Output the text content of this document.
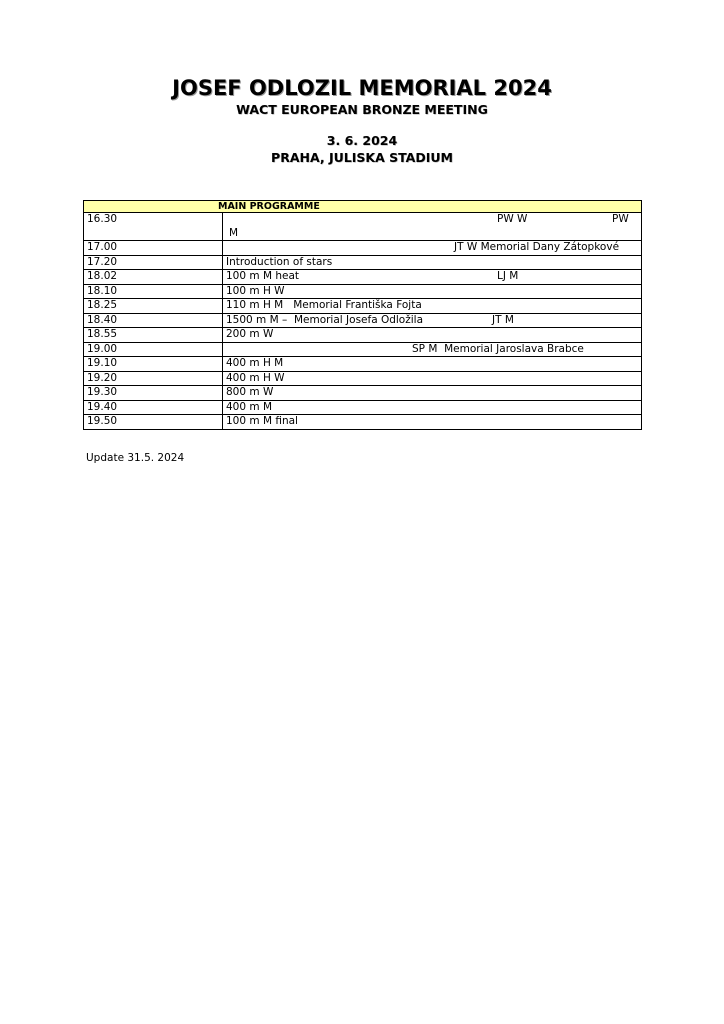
JOSEF ODLOZIL MEMORIAL 2024
WACT EUROPEAN BRONZE MEETING
3. 6. 2024
PRAHA, JULISKA STADIUM
MAIN PROGRAMME	
16.30	PW W PW
M

17.00	JT W Memorial Dany Zátopkové

17.20	Introduction of stars
18.02	100 m M heat LJ M

18.10	100 m H W
18.25	110 m H M   Memorial Františka Fojta
18.40	1500 m M –  Memorial Josefa Odložila JT M

18.55	200 m W
19.00	SP M  Memorial Jaroslava Brabce

19.10	400 m H M
19.20	400 m H W
19.30	800 m W
19.40	400 m M
19.50	100 m M final
Update 31.5. 2024
